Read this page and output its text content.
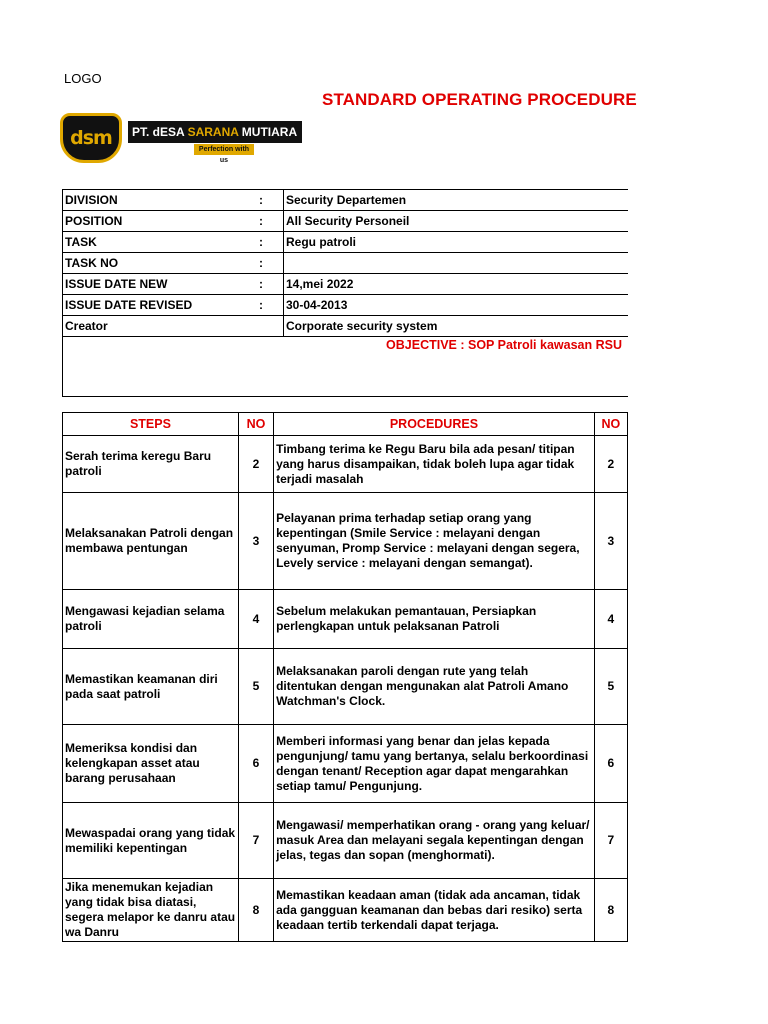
LOGO
STANDARD OPERATING PROCEDURE
dsm	PT. dESA SARANA MUTIARA
Perfection with us
DIVISION	:	Security Departemen
POSITION	:	All Security Personeil
TASK	:	Regu patroli
TASK NO	:	
ISSUE DATE NEW	:	14,mei 2022
ISSUE DATE REVISED	:	30-04-2013
Creator		Corporate security system
OBJECTIVE : SOP Patroli kawasan RSU		
STEPS	NO	PROCEDURES	NO
Serah terima keregu Baru patroli	2	Timbang terima ke Regu Baru bila ada pesan/ titipan yang harus disampaikan, tidak boleh lupa agar tidak terjadi masalah	2
Melaksanakan Patroli dengan membawa pentungan	3	Pelayanan prima terhadap setiap orang yang kepentingan (Smile Service : melayani dengan senyuman, Promp Service : melayani dengan segera, Levely service : melayani dengan semangat).	3
Mengawasi kejadian selama patroli	4	Sebelum melakukan pemantauan, Persiapkan perlengkapan untuk pelaksanan Patroli	4
Memastikan keamanan diri pada saat patroli	5	Melaksanakan paroli dengan rute yang telah ditentukan dengan mengunakan alat Patroli Amano Watchman's Clock.	5
Memeriksa kondisi dan kelengkapan asset atau barang perusahaan	6	Memberi informasi yang benar dan jelas kepada pengunjung/ tamu yang bertanya, selalu berkoordinasi dengan tenant/ Reception agar dapat mengarahkan setiap tamu/ Pengunjung.	6
Mewaspadai orang yang tidak memiliki kepentingan	7	Mengawasi/ memperhatikan orang - orang yang keluar/ masuk Area dan melayani segala kepentingan dengan jelas, tegas dan sopan (menghormati).	7
Jika menemukan kejadian yang tidak bisa diatasi, segera melapor ke danru atau wa Danru	8	Memastikan keadaan aman (tidak ada ancaman, tidak ada gangguan keamanan dan bebas dari resiko) serta keadaan tertib terkendali dapat terjaga.	8
